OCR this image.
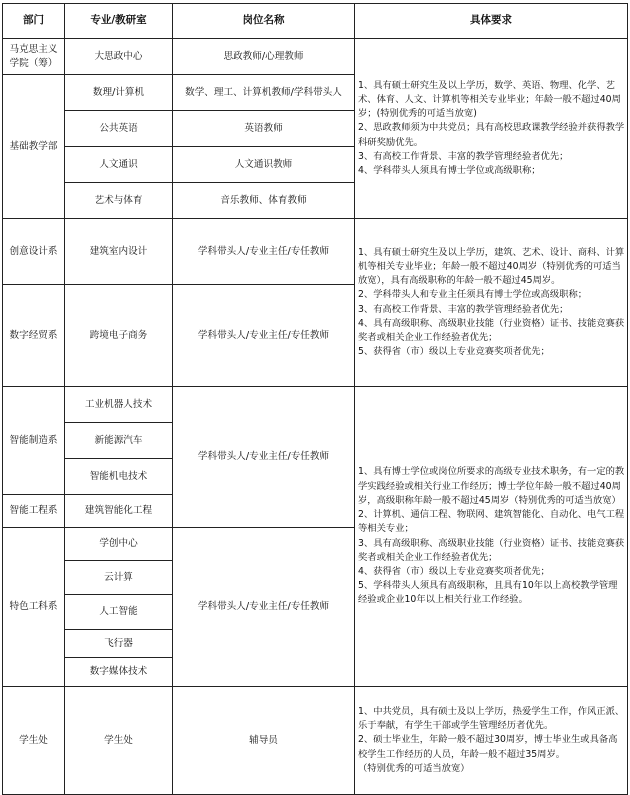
部门	专业/教研室	岗位名称	具体要求
马克思主义学院（筹）	大思政中心	思政教师/心理教师	1、具有硕士研究生及以上学历，数学、英语、物理、化学、艺术、体育、人文、计算机等相关专业毕业；年龄一般不超过40周岁；(特别优秀的可适当放宽)
2、思政教师须为中共党员；具有高校思政课教学经验并获得教学科研奖励优先。
3、有高校工作背景、丰富的教学管理经验者优先；
4、学科带头人须具有博士学位或高级职称；

基础教学部	数理/计算机	数学、理工、计算机教师/学科带头人	
	公共英语	英语教师	
	人文通识	人文通识教师	
	艺术与体育	音乐教师、体育教师	
创意设计系	建筑室内设计	学科带头人/专业主任/专任教师	1、具有硕士研究生及以上学历，建筑、艺术、设计、商科、计算机等相关专业毕业；年龄一般不超过40周岁（特别优秀的可适当放宽），具有高级职称的年龄一般不超过45周岁。
2、学科带头人和专业主任须具有博士学位或高级职称；
3、有高校工作背景、丰富的教学管理经验者优先；
4、具有高级职称、高级职业技能（行业资格）证书、技能竞赛获奖者或相关企业工作经验者优先；
5、获得省（市）级以上专业竞赛奖项者优先；

数字经贸系	跨境电子商务	学科带头人/专业主任/专任教师	
智能制造系	工业机器人技术	学科带头人/专业主任/专任教师	1、具有博士学位或岗位所要求的高级专业技术职务，有一定的教学实践经验或相关行业工作经历；博士学位年龄一般不超过40周岁，高级职称年龄一般不超过45周岁（特别优秀的可适当放宽）
2、计算机、通信工程、物联网、建筑智能化、自动化、电气工程等相关专业；
3、具有高级职称、高级职业技能（行业资格）证书、技能竞赛获奖者或相关企业工作经验者优先；
4、获得省（市）级以上专业竞赛奖项者优先；
5、学科带头人须具有高级职称，且具有10年以上高校教学管理经验或企业10年以上相关行业工作经验。

	新能源汽车		
	智能机电技术		
智能工程系	建筑智能化工程		
特色工科系	学创中心	学科带头人/专业主任/专任教师	
	云计算		
	人工智能		
	飞行器		
	数字媒体技术		
学生处	学生处	辅导员	1、中共党员，具有硕士及以上学历，热爱学生工作，作风正派、乐于奉献，有学生干部或学生管理经历者优先。
2、硕士毕业生，年龄一般不超过30周岁，博士毕业生或具备高校学生工作经历的人员，年龄一般不超过35周岁。
（特别优秀的可适当放宽）
